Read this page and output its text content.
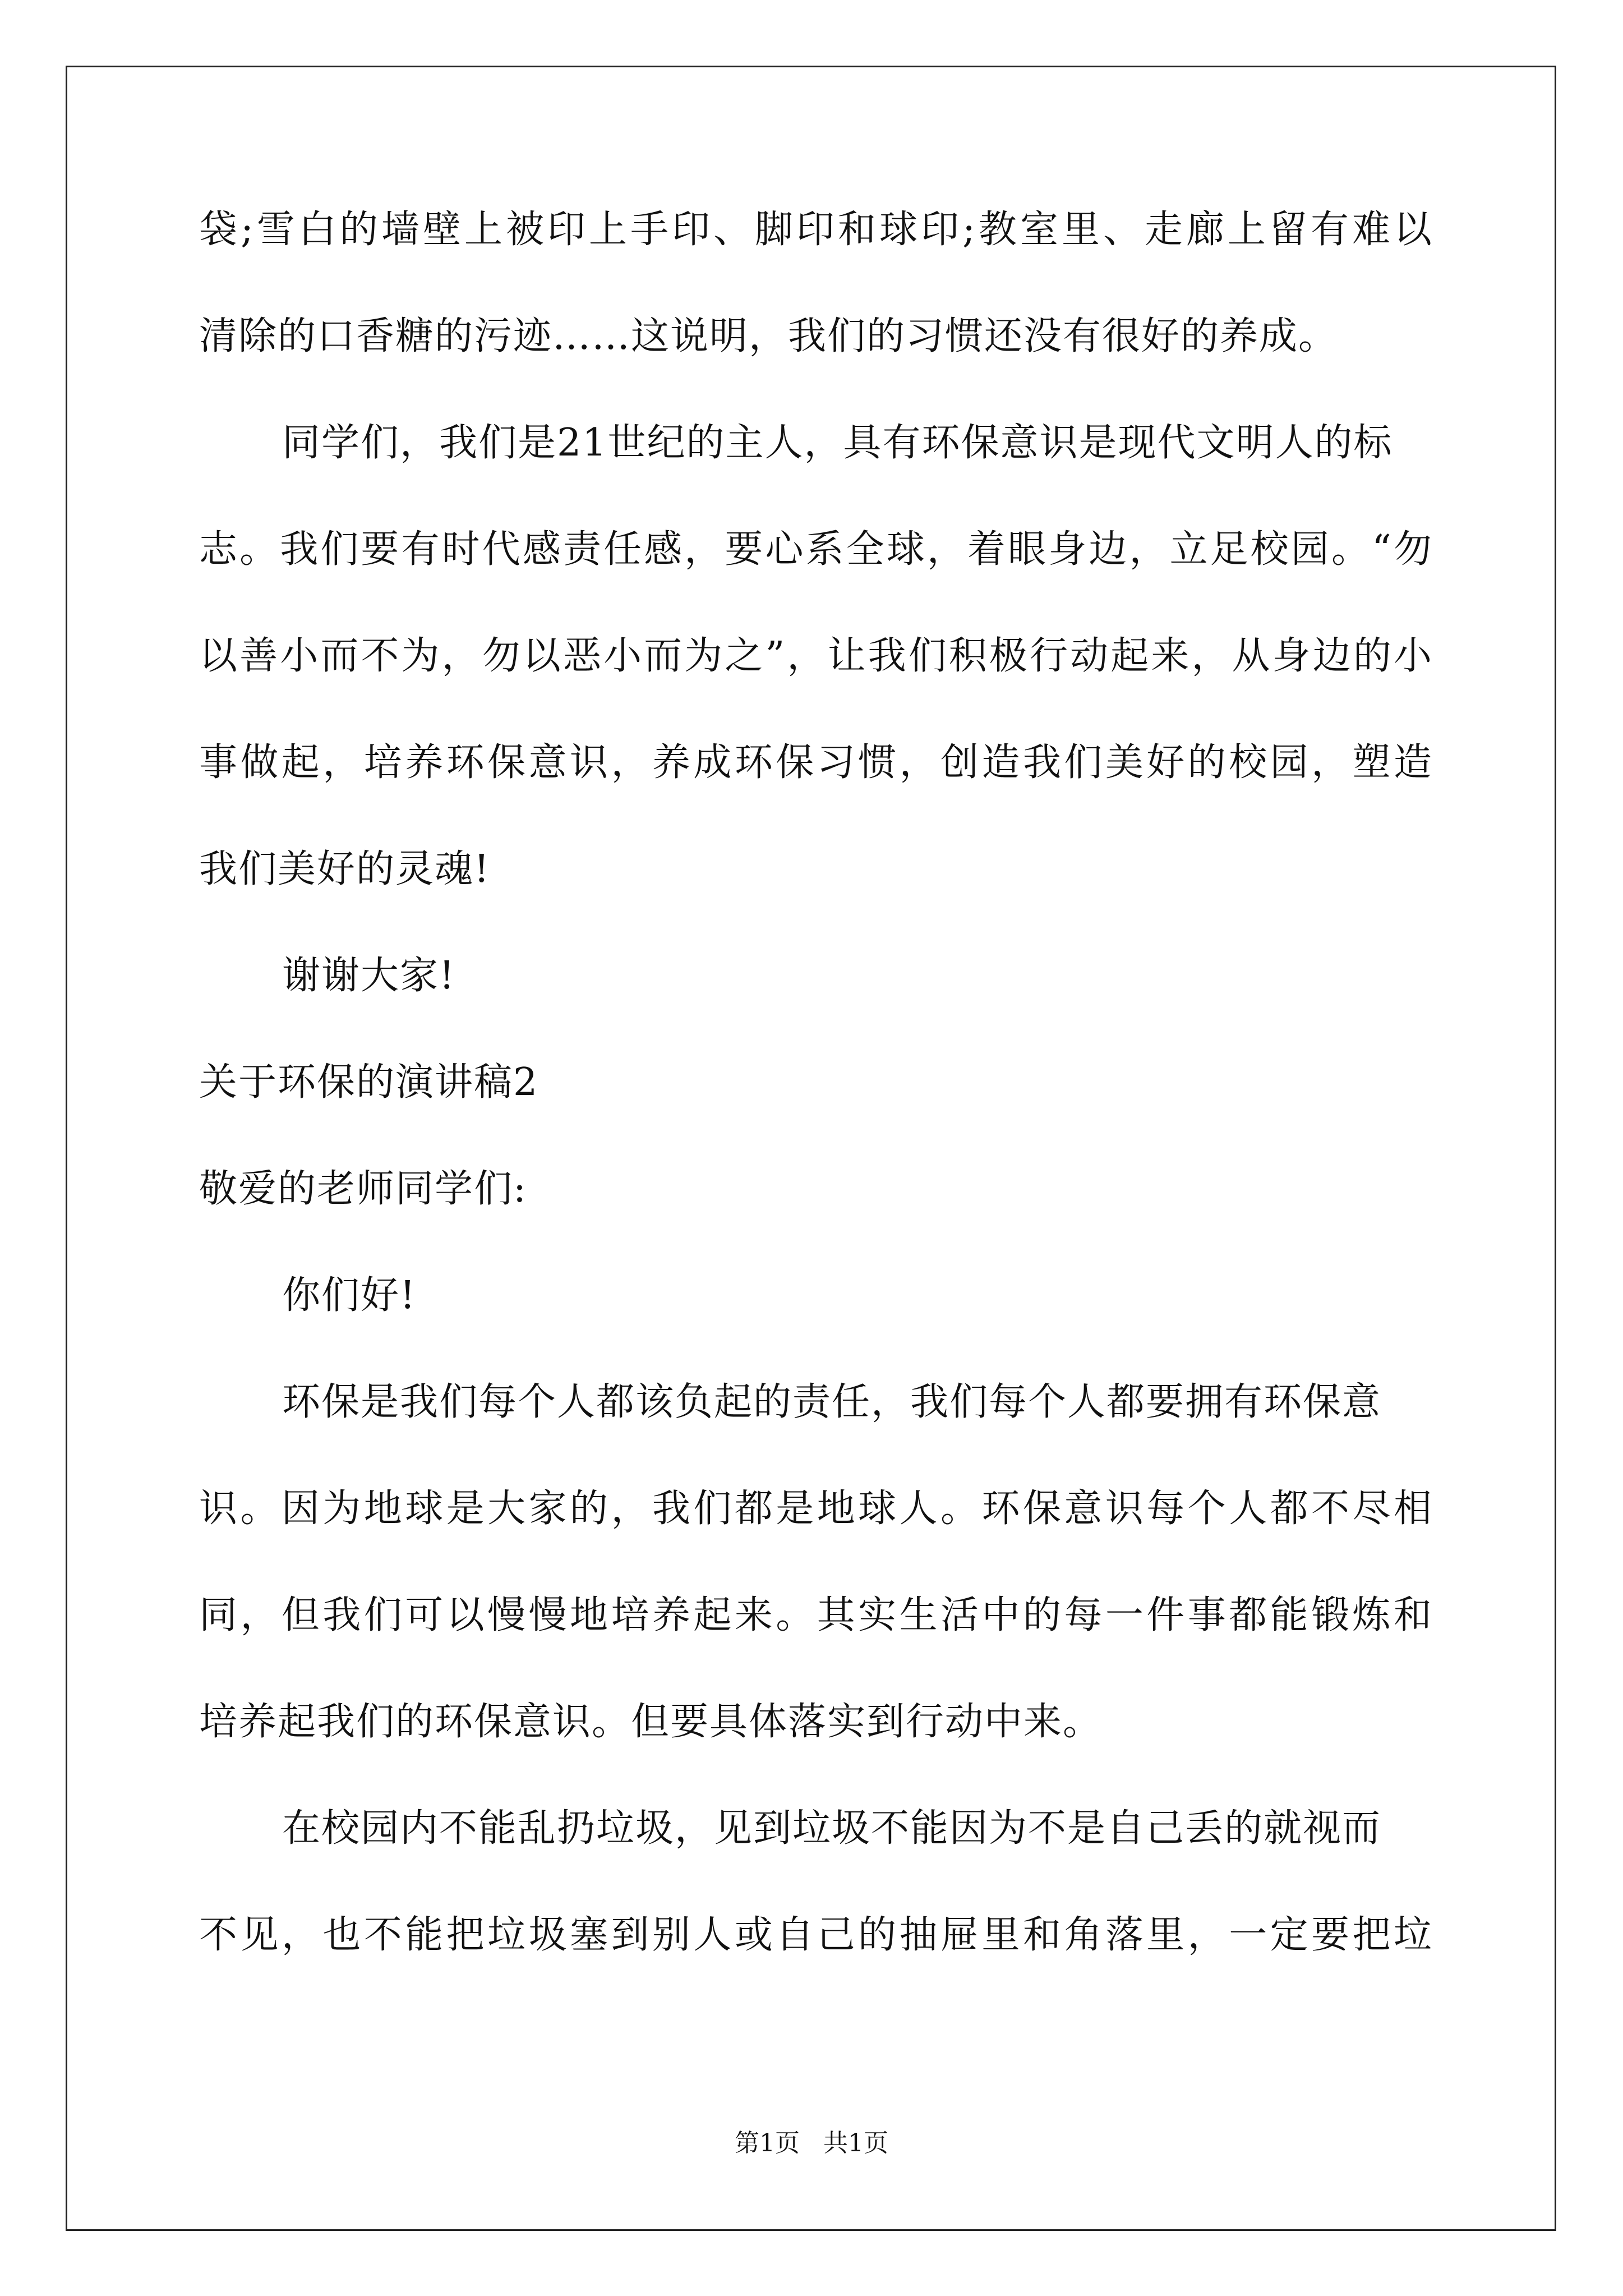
袋;雪白的墙壁上被印上手印、脚印和球印;教室里、走廊上留有难以
清除的口香糖的污迹……这说明，我们的习惯还没有很好的养成。
同学们，我们是21世纪的主人，具有环保意识是现代文明人的标
志。我们要有时代感责任感，要心系全球，着眼身边，立足校园。“勿
以善小而不为，勿以恶小而为之”，让我们积极行动起来，从身边的小
事做起，培养环保意识，养成环保习惯，创造我们美好的校园，塑造
我们美好的灵魂!
谢谢大家!
关于环保的演讲稿2
敬爱的老师同学们:
你们好!
环保是我们每个人都该负起的责任，我们每个人都要拥有环保意
识。因为地球是大家的，我们都是地球人。环保意识每个人都不尽相
同，但我们可以慢慢地培养起来。其实生活中的每一件事都能锻炼和
培养起我们的环保意识。但要具体落实到行动中来。
在校园内不能乱扔垃圾，见到垃圾不能因为不是自己丢的就视而
不见，也不能把垃圾塞到别人或自己的抽屉里和角落里，一定要把垃
第1页   共1页
